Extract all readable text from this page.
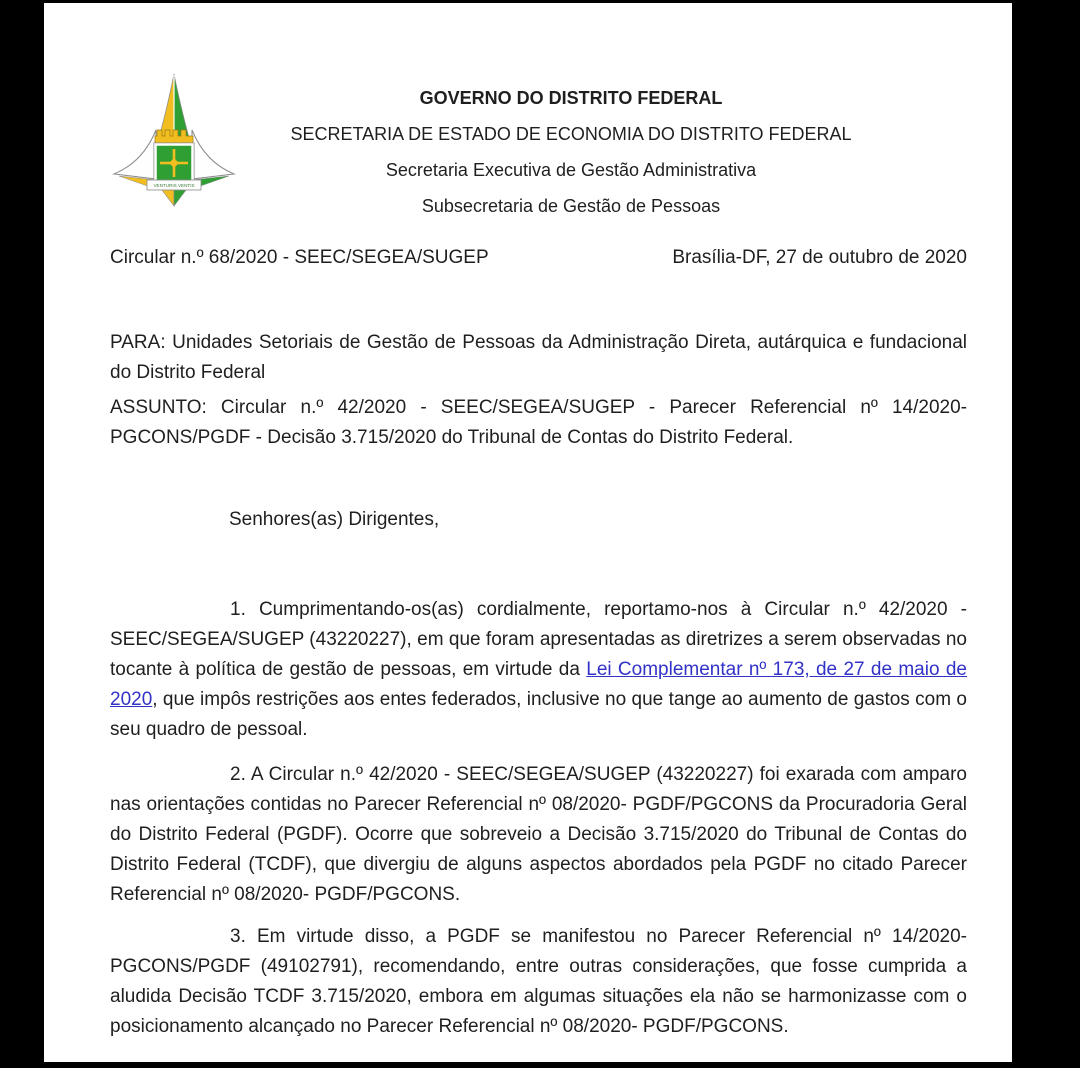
VENTURIS VENTIS
GOVERNO DO DISTRITO FEDERAL
SECRETARIA DE ESTADO DE ECONOMIA DO DISTRITO FEDERAL
Secretaria Executiva de Gestão Administrativa
Subsecretaria de Gestão de Pessoas
Circular n.º 68/2020 - SEEC/SEGEA/SUGEP	Brasília-DF, 27 de outubro de 2020

PARA: Unidades Setoriais de Gestão de Pessoas da Administração Direta, autárquica e fundacional do Distrito Federal

ASSUNTO: Circular n.º 42/2020 - SEEC/SEGEA/SUGEP - Parecer Referencial nº 14/2020-PGCONS/PGDF - Decisão 3.715/2020 do Tribunal de Contas do Distrito Federal.

Senhores(as) Dirigentes,

1. Cumprimentando-os(as) cordialmente, reportamo-nos à Circular n.º 42/2020 - SEEC/SEGEA/SUGEP (43220227), em que foram apresentadas as diretrizes a serem observadas no tocante à política de gestão de pessoas, em virtude da Lei Complementar nº 173, de 27 de maio de 2020, que impôs restrições aos entes federados, inclusive no que tange ao aumento de gastos com o seu quadro de pessoal.

2. A Circular n.º 42/2020 - SEEC/SEGEA/SUGEP (43220227) foi exarada com amparo nas orientações contidas no Parecer Referencial nº 08/2020- PGDF/PGCONS da Procuradoria Geral do Distrito Federal (PGDF). Ocorre que sobreveio a Decisão 3.715/2020 do Tribunal de Contas do Distrito Federal (TCDF), que divergiu de alguns aspectos abordados pela PGDF no citado Parecer Referencial nº 08/2020- PGDF/PGCONS.

3. Em virtude disso, a PGDF se manifestou no Parecer Referencial nº 14/2020-PGCONS/PGDF (49102791), recomendando, entre outras considerações, que fosse cumprida a aludida Decisão TCDF 3.715/2020, embora em algumas situações ela não se harmonizasse com o posicionamento alcançado no Parecer Referencial nº 08/2020- PGDF/PGCONS.
